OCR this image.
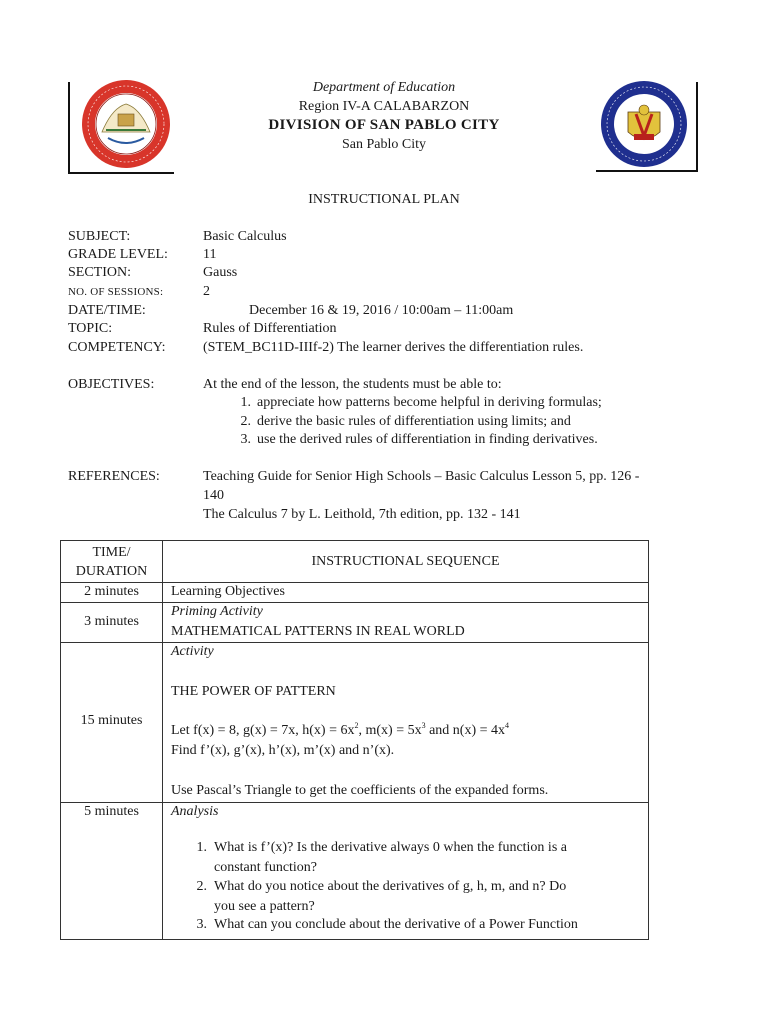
Department of Education
Region IV-A CALABARZON
DIVISION OF SAN PABLO CITY
San Pablo City
INSTRUCTIONAL PLAN
SUBJECT:	Basic Calculus
GRADE LEVEL:	11
SECTION:	Gauss
NO. OF SESSIONS:	2
DATE/TIME:	December 16 & 19, 2016 / 10:00am – 11:00am
TOPIC:	Rules of Differentiation
COMPETENCY:	(STEM_BC11D-IIIf-2) The learner derives the differentiation rules.
OBJECTIVES:	At the end of the lesson, the students must be able to:
1. appreciate how patterns become helpful in deriving formulas;
2. derive the basic rules of differentiation using limits; and
3. use the derived rules of differentiation in finding derivatives.
REFERENCES:	Teaching Guide for Senior High Schools – Basic Calculus Lesson 5, pp. 126 -
140
The Calculus 7 by L. Leithold, 7th edition, pp. 132 - 141
TIME/
DURATION	INSTRUCTIONAL SEQUENCE

2 minutes	Learning Objectives

3 minutes	Priming Activity
MATHEMATICAL PATTERNS IN REAL WORLD

15 minutes	Activity
THE POWER OF PATTERN
Let f(x) = 8, g(x) = 7x, $h(x) = 6x^2$, $m(x) = 5x^3$ and $n(x) = 4x^4$
Find f’(x), g’(x), h’(x), m’(x) and n’(x).
Use Pascal’s Triangle to get the coefficients of the expanded forms.

5 minutes	Analysis
1. What is f’(x)? Is the derivative always 0 when the function is a
constant function?
2. What do you notice about the derivatives of g, h, m, and n? Do
you see a pattern?
3. What can you conclude about the derivative of a Power Function
